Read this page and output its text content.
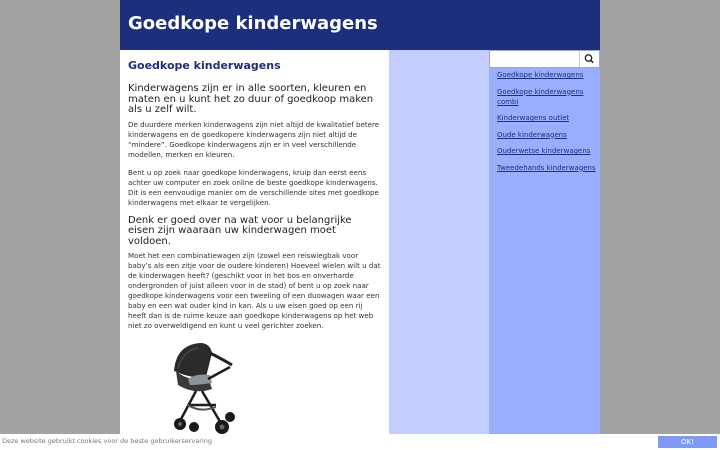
Goedkope kinderwagens
Goedkope kinderwagens
Kinderwagens zijn er in alle soorten, kleuren en maten en u kunt het zo duur of goedkoop maken als u zelf wilt.

De duurdere merken kinderwagens zijn niet altijd de kwalitatief betere kinderwagens en de goedkopere kinderwagens zijn niet altijd de “mindere”. Goedkope kinderwagens zijn er in veel verschillende modellen, merken en kleuren.

Bent u op zoek naar goedkope kinderwagens, kruip dan eerst eens achter uw computer en zoek online de beste goedkope kinderwagens. Dit is een eenvoudige manier om de verschillende sites met goedkope kinderwagens met elkaar te vergelijken.

Denk er goed over na wat voor u belangrijke eisen zijn waaraan uw kinderwagen moet voldoen.

Moet het een combinatiewagen zijn (zowel een reiswiegbak voor baby’s als een zitje voor de oudere kinderen) Hoeveel wielen wilt u dat de kinderwagen heeft? (geschikt voor in het bos en onverharde ondergronden of juist alleen voor in de stad) of bent u op zoek naar goedkope kinderwagens voor een tweeling of een duowagen waar een baby en een wat ouder kind in kan. Als u uw eisen goed op een rij heeft dan is de ruime keuze aan goedkope kinderwagens op het web niet zo overweldigend en kunt u veel gerichter zoeken.

Goedkope kinderwagens
Goedkope kinderwagens combi
Kinderwagens outlet
Oude kinderwagens
Ouderwetse kinderwagens
Tweedehands kinderwagens
Deze website gebruikt cookies voor de beste gebruikerservaring	OK!
